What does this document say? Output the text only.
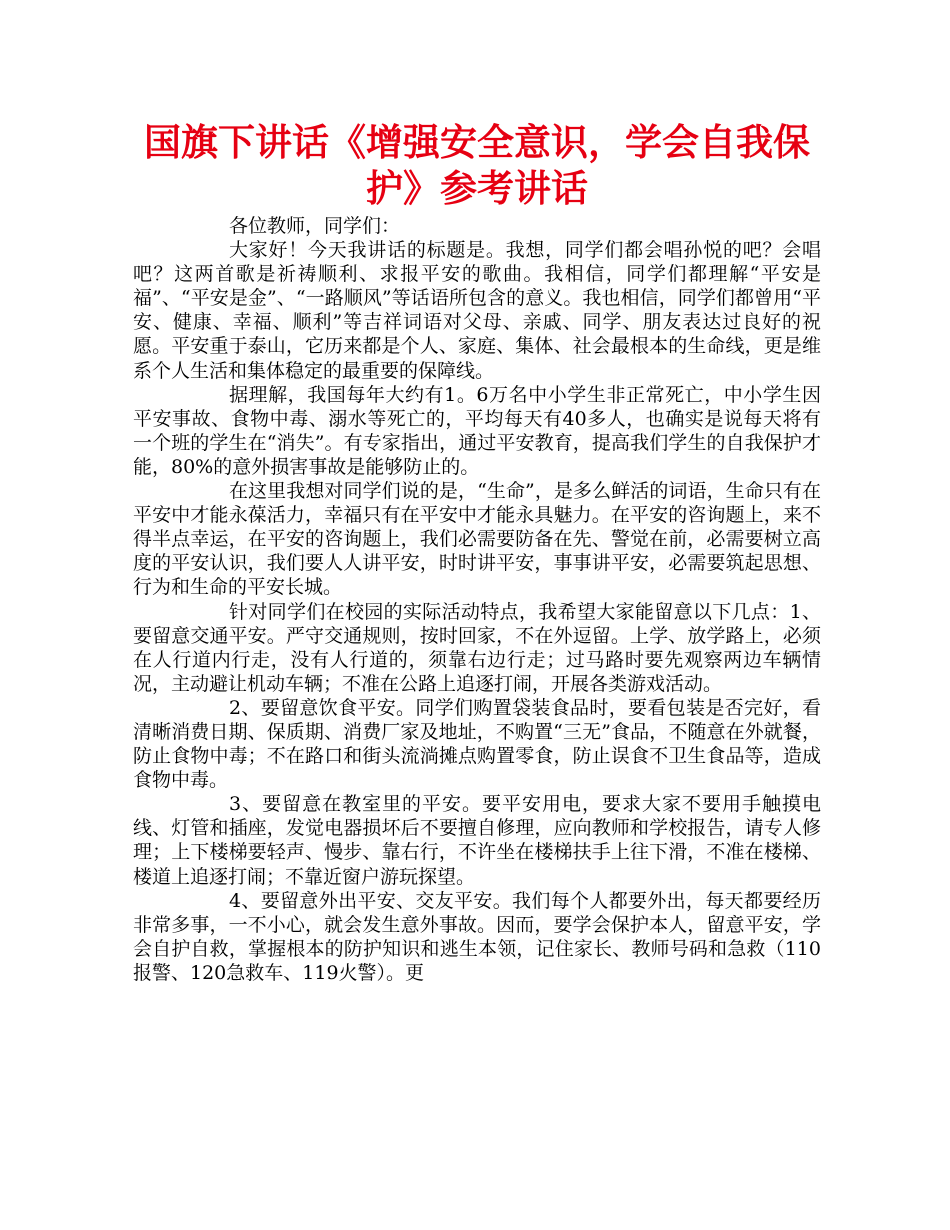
国旗下讲话《增强安全意识，学会自我保护》参考讲话

各位教师，同学们：

大家好！今天我讲话的标题是。我想，同学们都会唱孙悦的吧？会唱吧？这两首歌是祈祷顺利、求报平安的歌曲。我相信，同学们都理解“平安是福”、“平安是金”、“一路顺风”等话语所包含的意义。我也相信，同学们都曾用“平安、健康、幸福、顺利”等吉祥词语对父母、亲戚、同学、朋友表达过良好的祝愿。平安重于泰山，它历来都是个人、家庭、集体、社会最根本的生命线，更是维系个人生活和集体稳定的最重要的保障线。

据理解，我国每年大约有1。6万名中小学生非正常死亡，中小学生因平安事故、食物中毒、溺水等死亡的，平均每天有40多人，也确实是说每天将有一个班的学生在“消失”。有专家指出，通过平安教育，提高我们学生的自我保护才能，80%的意外损害事故是能够防止的。

在这里我想对同学们说的是，“生命”，是多么鲜活的词语，生命只有在平安中才能永葆活力，幸福只有在平安中才能永具魅力。在平安的咨询题上，来不得半点幸运，在平安的咨询题上，我们必需要防备在先、警觉在前，必需要树立高度的平安认识，我们要人人讲平安，时时讲平安，事事讲平安，必需要筑起思想、行为和生命的平安长城。

针对同学们在校园的实际活动特点，我希望大家能留意以下几点：1、要留意交通平安。严守交通规则，按时回家，不在外逗留。上学、放学路上，必须在人行道内行走，没有人行道的，须靠右边行走；过马路时要先观察两边车辆情况，主动避让机动车辆；不准在公路上追逐打闹，开展各类游戏活动。

2、要留意饮食平安。同学们购置袋装食品时，要看包装是否完好，看清晰消费日期、保质期、消费厂家及地址，不购置“三无”食品，不随意在外就餐，防止食物中毒；不在路口和街头流淌摊点购置零食，防止误食不卫生食品等，造成食物中毒。

3、要留意在教室里的平安。要平安用电，要求大家不要用手触摸电线、灯管和插座，发觉电器损坏后不要擅自修理，应向教师和学校报告，请专人修理；上下楼梯要轻声、慢步、靠右行，不许坐在楼梯扶手上往下滑，不准在楼梯、楼道上追逐打闹；不靠近窗户游玩探望。

4、要留意外出平安、交友平安。我们每个人都要外出，每天都要经历非常多事，一不小心，就会发生意外事故。因而，要学会保护本人，留意平安，学会自护自救，掌握根本的防护知识和逃生本领，记住家长、教师号码和急救（110报警、120急救车、119火警）。更
